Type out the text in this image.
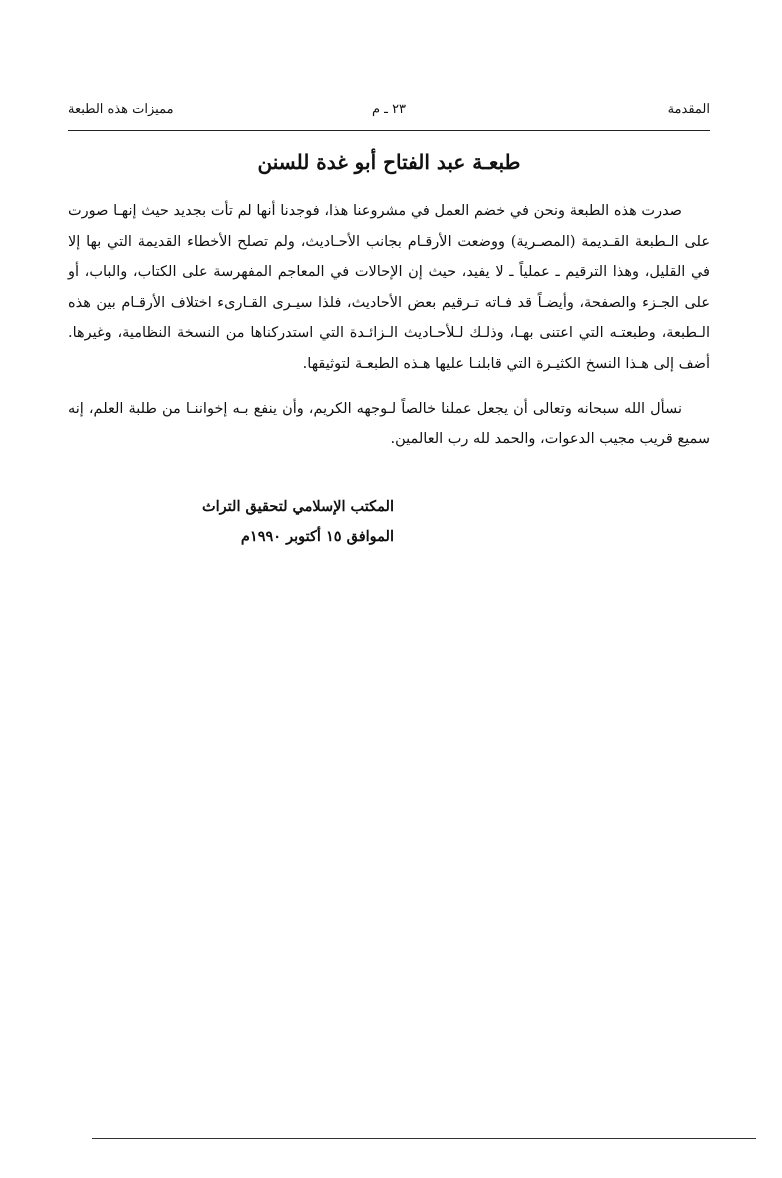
المقدمة
٢٣ ـ م
مميزات هذه الطبعة
طبعـة عبد الفتاح أبو غدة للسنن

صدرت هذه الطبعة ونحن في خضم العمل في مشروعنا هذا، فوجدنا أنها لم تأت بجديد حيث إنهـا صورت على الـطبعة القـديمة (المصـرية) ووضعت الأرقـام بجانب الأحـاديث، ولم تصلح الأخطاء القديمة التي بها إلا في القليل، وهذا الترقيم ـ عملياً ـ لا يفيد، حيث إن الإحالات في المعاجم المفهرسة على الكتاب، والباب، أو على الجـزء والصفحة، وأيضـاً قد فـاته تـرقيم بعض الأحاديث، فلذا سيـرى القـارىء اختلاف الأرقـام بين هذه الـطبعة، وطبعتـه التي اعتنى بهـا، وذلـك لـلأحـاديث الـزائـدة التي استدركناها من النسخة النظامية، وغيرها. أضف إلى هـذا النسخ الكثيـرة التي قابلنـا عليها هـذه الطبعـة لتوثيقها.

نسأل الله سبحانه وتعالى أن يجعل عملنا خالصاً لـوجهه الكريم، وأن ينفع بـه إخواننـا من طلبة العلم، إنه سميع قريب مجيب الدعوات، والحمد لله رب العالمين.

المكتب الإسلامي لتحقيق التراث
الموافق ١٥ أكتوبر ١٩٩٠م
